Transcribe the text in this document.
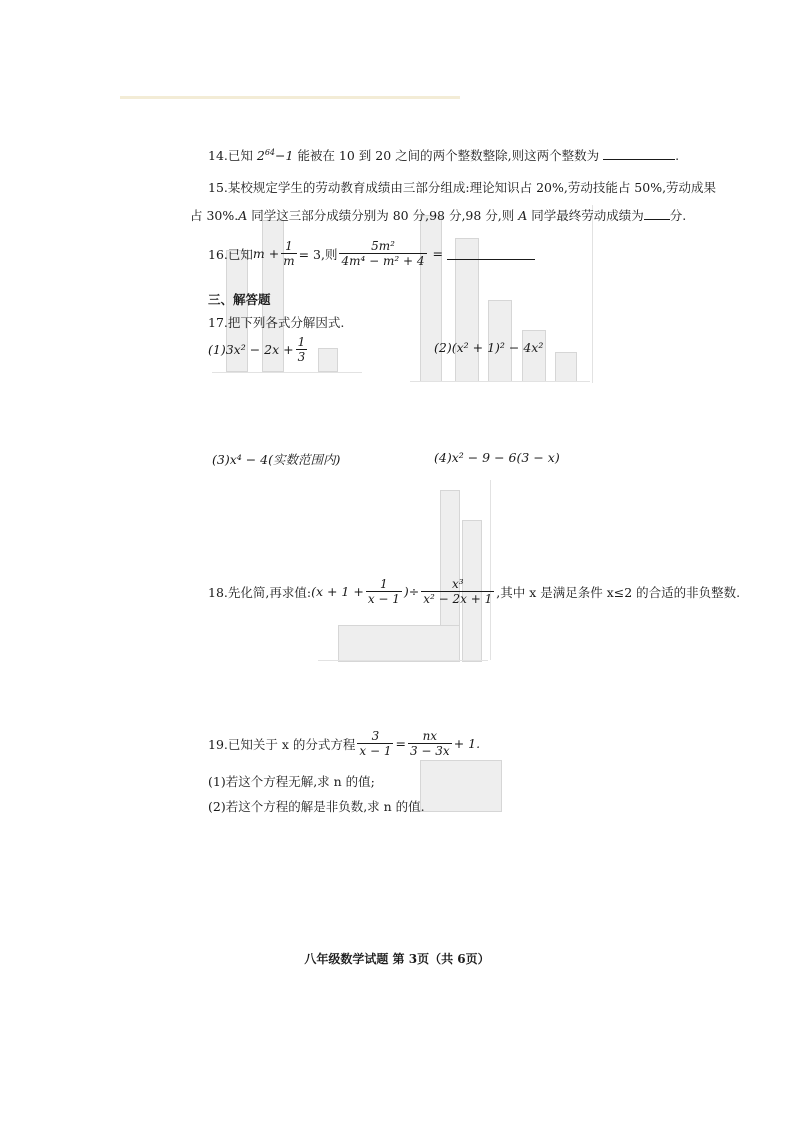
14.已知 $2^{64}-1$ 能被在 10 到 20 之间的两个整数整除,则这两个整数为	.
15.某校规定学生的劳动教育成绩由三部分组成:理论知识占 20%,劳动技能占 50%,劳动成果
占 30%.A 同学这三部分成绩分别为 80 分,98 分,98 分,则 A 同学最终劳动成绩为 分.
16.已知 m
+ $\frac{1}{m} = 3$,则 $\frac{\text{5m²}}{\text{4m⁴ − m² + 4}}$
=

三、解答题
17.把下列各式分解因式.
$(1)3x^2 - 2x + \frac{1}{3}$	(2)(x² + 1)² − 4x²
(3)x⁴ − 4(实数范围内)	(4)x² − 9 − 6(3 − x)
18.先化简,再求值: ($x + 1 + \frac{1}{x - 1}$ )÷ $\frac{\text{x³}}{\text{x² − 2x + 1}}$ ,其中 x 是满足条件 x≤2 的合适的非负整数.
19.已知关于 x 的分式方程 $\frac{3}{x - 1} = \frac{nx}{3 - 3x} + 1$.
(1)若这个方程无解,求 n 的值;
(2)若这个方程的解是非负数,求 n 的值.
八年级数学试题 第 3页（共 6页）
